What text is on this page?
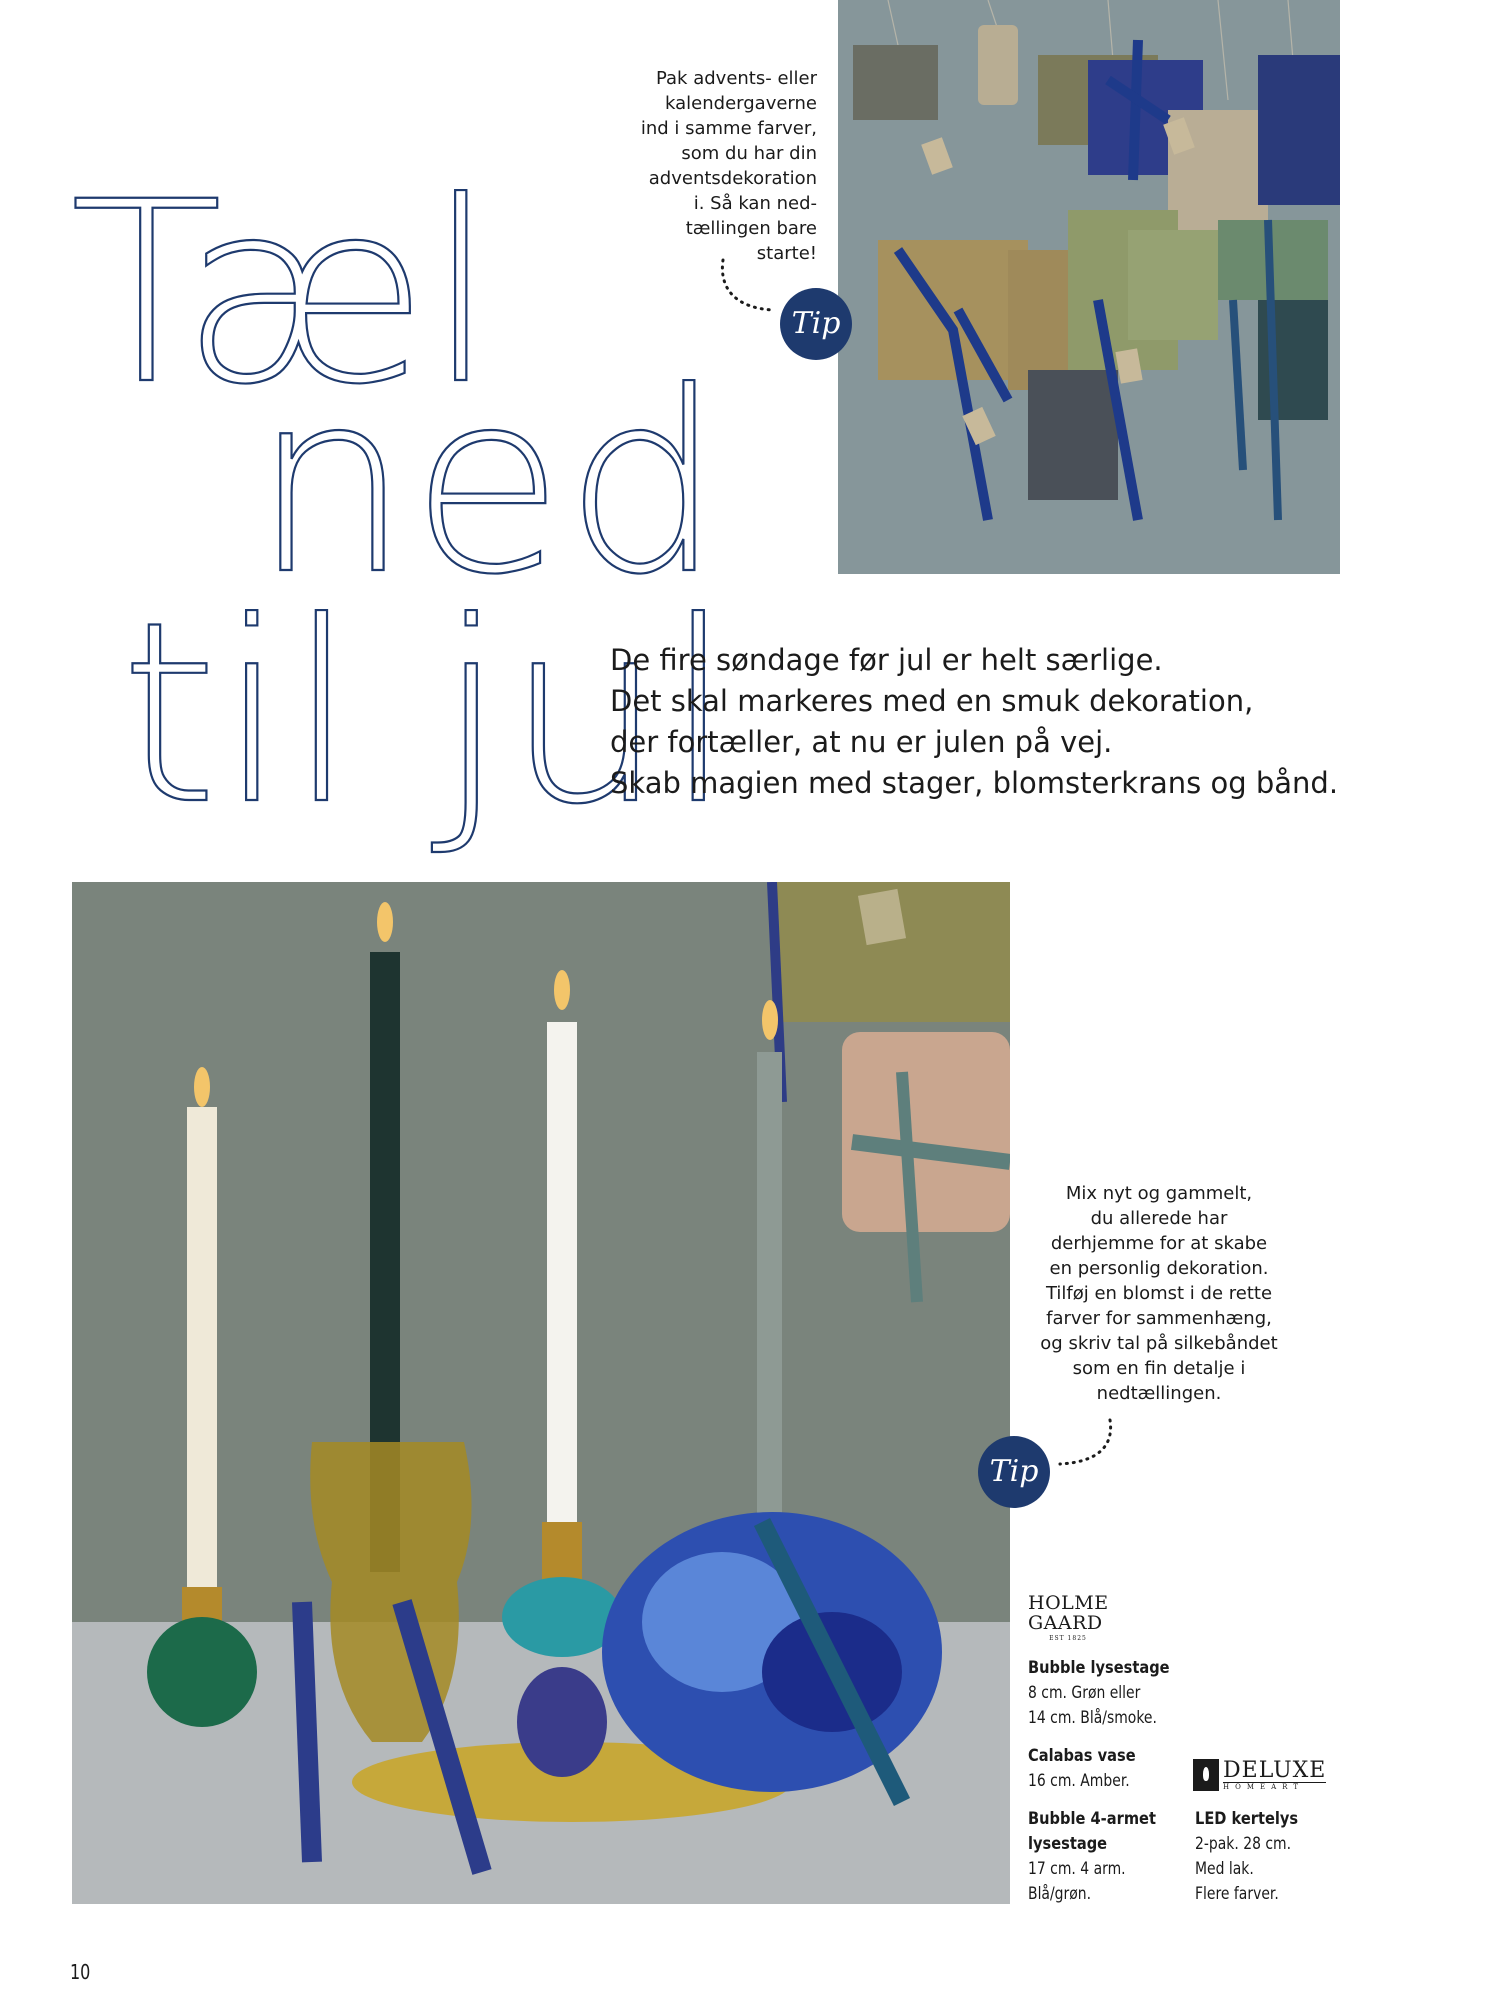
Tæl
ned
til jul

Pak advents- eller

kalendergaverne

ind i samme farver,

som du har din

adventsdekoration

i. Så kan ned-

tællingen bare

starte!

Tip

De fire søndage før jul er helt særlige.

Det skal markeres med en smuk dekoration,

der fortæller, at nu er julen på vej.

Skab magien med stager, blomsterkrans og bånd.

Mix nyt og gammelt,

du allerede har

derhjemme for at skabe

en personlig dekoration.

Tilføj en blomst i de rette

farver for sammenhæng,

og skriv tal på silkebåndet

som en fin detalje i

nedtællingen.

Tip
HOLME
GAARD
EST 1825

Bubble lysestage

8 cm. Grøn eller

14 cm. Blå/smoke.

Calabas vase

16 cm. Amber.

Bubble 4-armet

lysestage

17 cm. 4 arm.

Blå/grøn.

DELUXE
HOMEART

LED kertelys

2-pak. 28 cm.

Med lak.

Flere farver.

10
